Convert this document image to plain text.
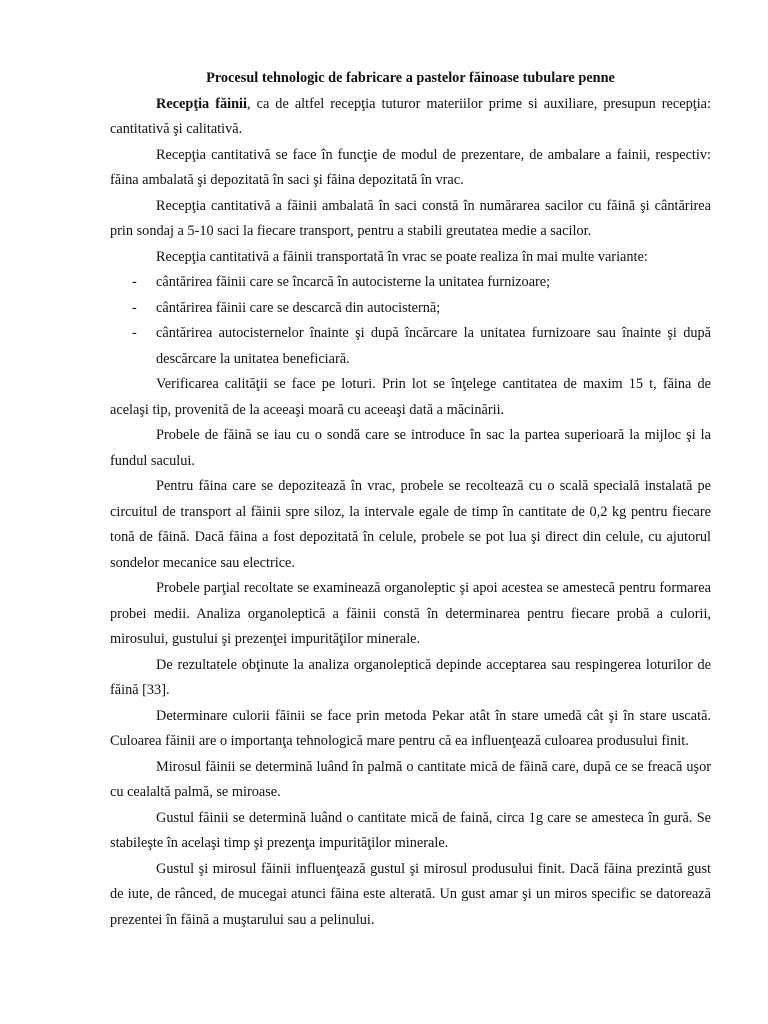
Procesul tehnologic de fabricare a pastelor făinoase tubulare penne

Recepţia făinii, ca de altfel recepţia tuturor materiilor prime si auxiliare, presupun recepţia: cantitativă şi calitativă.

Recepţia cantitativă se face în funcţie de modul de prezentare, de ambalare a fainii, respectiv: făina ambalată şi depozitată în saci şi făina depozitată în vrac.

Recepţia cantitativă a făinii ambalată în saci constă în numărarea sacilor cu făină şi cântărirea prin sondaj a 5-10 saci la fiecare transport, pentru a stabili greutatea medie a sacilor.

Recepţia cantitativă a făinii transportată în vrac se poate realiza în mai multe variante:

- cântărirea făinii care se încarcă în autocisterne la unitatea furnizoare;
- cântărirea făinii care se descarcă din autocisternă;
- cântărirea autocisternelor înainte şi după încărcare la unitatea furnizoare sau înainte şi după descărcare la unitatea beneficiară.

Verificarea calităţii se face pe loturi. Prin lot se înţelege cantitatea de maxim 15 t, făina de acelaşi tip, provenită de la aceeaşi moară cu aceeaşi dată a măcinării.

Probele de făină se iau cu o sondă care se introduce în sac la partea superioară la mijloc şi la fundul sacului.

Pentru făina care se depozitează în vrac, probele se recoltează cu o scală specială instalată pe circuitul de transport al făinii spre siloz, la intervale egale de timp în cantitate de 0,2 kg pentru fiecare tonă de făină. Dacă făina a fost depozitată în celule, probele se pot lua şi direct din celule, cu ajutorul sondelor mecanice sau electrice.

Probele parţial recoltate se examinează organoleptic şi apoi acestea se amestecă pentru formarea probei medii. Analiza organoleptică a făinii constă în determinarea pentru fiecare probă a culorii, mirosului, gustului şi prezenţei impurităţilor minerale.

De rezultatele obţinute la analiza organoleptică depinde acceptarea sau respingerea loturilor de făină [33].

Determinare culorii făinii se face prin metoda Pekar atât în stare umedă cât şi în stare uscată. Culoarea făinii are o importanţa tehnologică mare pentru că ea influenţează culoarea produsului finit.

Mirosul făinii se determină luând în palmă o cantitate mică de făină care, după ce se freacă uşor cu cealaltă palmă, se miroase.

Gustul făinii se determină luând o cantitate mică de faină, circa 1g care se amesteca în gură. Se stabileşte în acelaşi timp şi prezenţa impurităţilor minerale.

Gustul şi mirosul făinii influenţează gustul şi mirosul produsului finit. Dacă făina prezintă gust de iute, de rânced, de mucegai atunci făina este alterată. Un gust amar şi un miros specific se datorează prezentei în făină a muştarului sau a pelinului.
